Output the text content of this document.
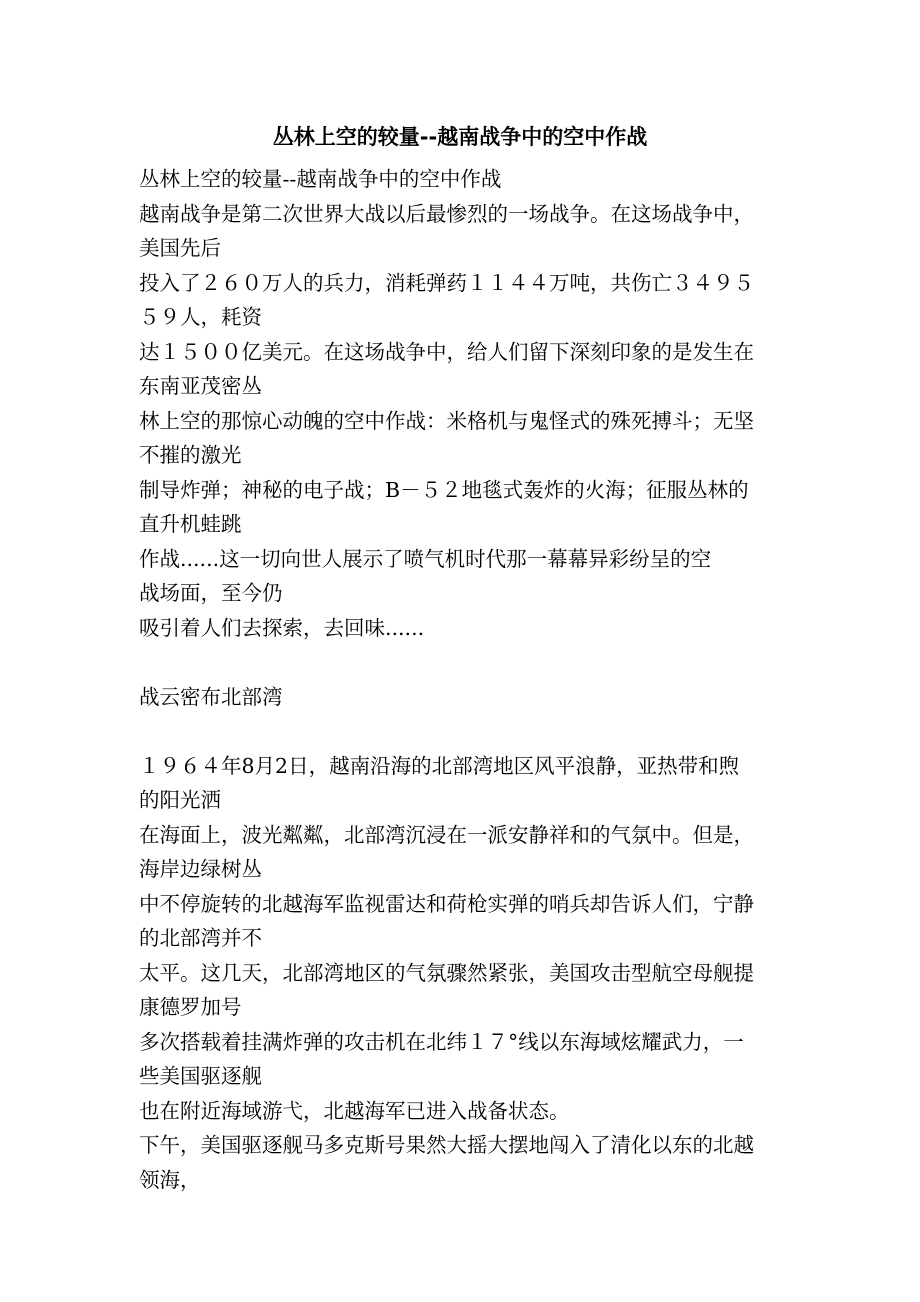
丛林上空的较量--越南战争中的空中作战
丛林上空的较量--越南战争中的空中作战
越南战争是第二次世界大战以后最惨烈的一场战争。在这场战争中，
美国先后
投入了２６０万人的兵力，消耗弹药１１４４万吨，共伤亡３４９５
５９人，耗资
达１５００亿美元。在这场战争中，给人们留下深刻印象的是发生在
东南亚茂密丛
林上空的那惊心动魄的空中作战：米格机与鬼怪式的殊死搏斗；无坚
不摧的激光
制导炸弹；神秘的电子战；B－５２地毯式轰炸的火海；征服丛林的
直升机蛙跳
作战......这一切向世人展示了喷气机时代那一幕幕异彩纷呈的空
战场面，至今仍
吸引着人们去探索，去回味......
战云密布北部湾
１９６４年8月2日，越南沿海的北部湾地区风平浪静，亚热带和煦
的阳光洒
在海面上，波光粼粼，北部湾沉浸在一派安静祥和的气氛中。但是，
海岸边绿树丛
中不停旋转的北越海军监视雷达和荷枪实弹的哨兵却告诉人们，宁静
的北部湾并不
太平。这几天，北部湾地区的气氛骤然紧张，美国攻击型航空母舰提
康德罗加号
多次搭载着挂满炸弹的攻击机在北纬１７°线以东海域炫耀武力，一
些美国驱逐舰
也在附近海域游弋，北越海军已进入战备状态。
下午，美国驱逐舰马多克斯号果然大摇大摆地闯入了清化以东的北越
领海，
